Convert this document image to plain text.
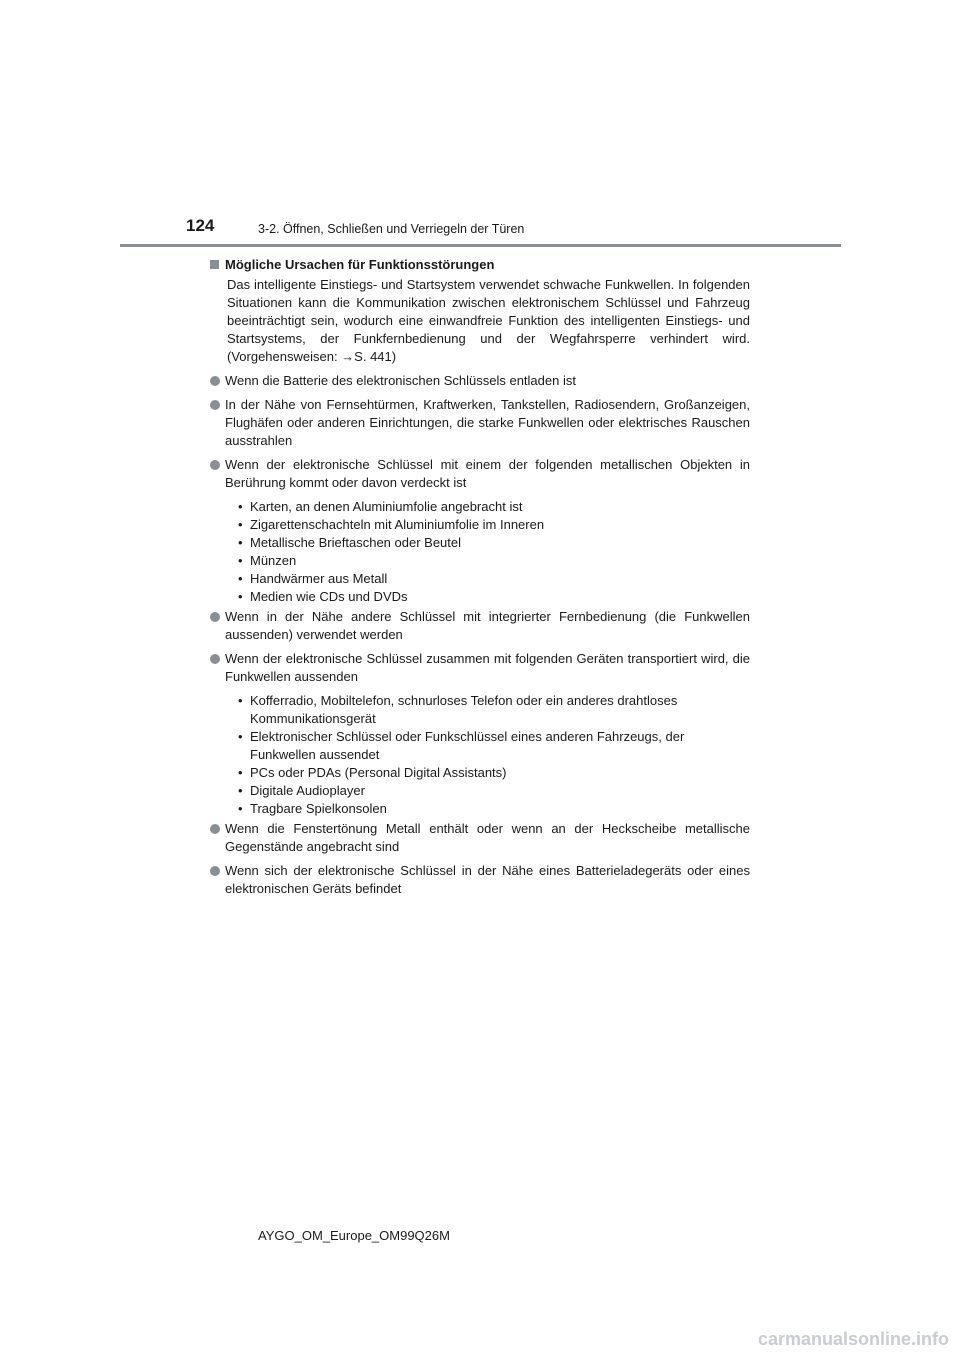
124	3-2. Öffnen, Schließen und Verriegeln der Türen
Mögliche Ursachen für Funktionsstörungen
Das intelligente Einstiegs- und Startsystem verwendet schwache Funkwellen. In folgenden Situationen kann die Kommunikation zwischen elektronischem Schlüssel und Fahrzeug beeinträchtigt sein, wodurch eine einwandfreie Funktion des intelligenten Einstiegs- und Startsystems, der Funkfernbedienung und der Wegfahrsperre verhindert wird. (Vorgehensweisen: →S. 441)
Wenn die Batterie des elektronischen Schlüssels entladen ist
In der Nähe von Fernsehtürmen, Kraftwerken, Tankstellen, Radiosendern, Großanzeigen, Flughäfen oder anderen Einrichtungen, die starke Funkwellen oder elektrisches Rauschen ausstrahlen
Wenn der elektronische Schlüssel mit einem der folgenden metallischen Objekten in Berührung kommt oder davon verdeckt ist
• Karten, an denen Aluminiumfolie angebracht ist
• Zigarettenschachteln mit Aluminiumfolie im Inneren
• Metallische Brieftaschen oder Beutel
• Münzen
• Handwärmer aus Metall
• Medien wie CDs und DVDs
Wenn in der Nähe andere Schlüssel mit integrierter Fernbedienung (die Funkwellen aussenden) verwendet werden
Wenn der elektronische Schlüssel zusammen mit folgenden Geräten transportiert wird, die Funkwellen aussenden
• Kofferradio, Mobiltelefon, schnurloses Telefon oder ein anderes drahtloses Kommunikationsgerät
• Elektronischer Schlüssel oder Funkschlüssel eines anderen Fahrzeugs, der Funkwellen aussendet
• PCs oder PDAs (Personal Digital Assistants)
• Digitale Audioplayer
• Tragbare Spielkonsolen
Wenn die Fenstertönung Metall enthält oder wenn an der Heckscheibe metallische Gegenstände angebracht sind
Wenn sich der elektronische Schlüssel in der Nähe eines Batterieladegeräts oder eines elektronischen Geräts befindet
AYGO_OM_Europe_OM99Q26M
carmanualsonline.info
